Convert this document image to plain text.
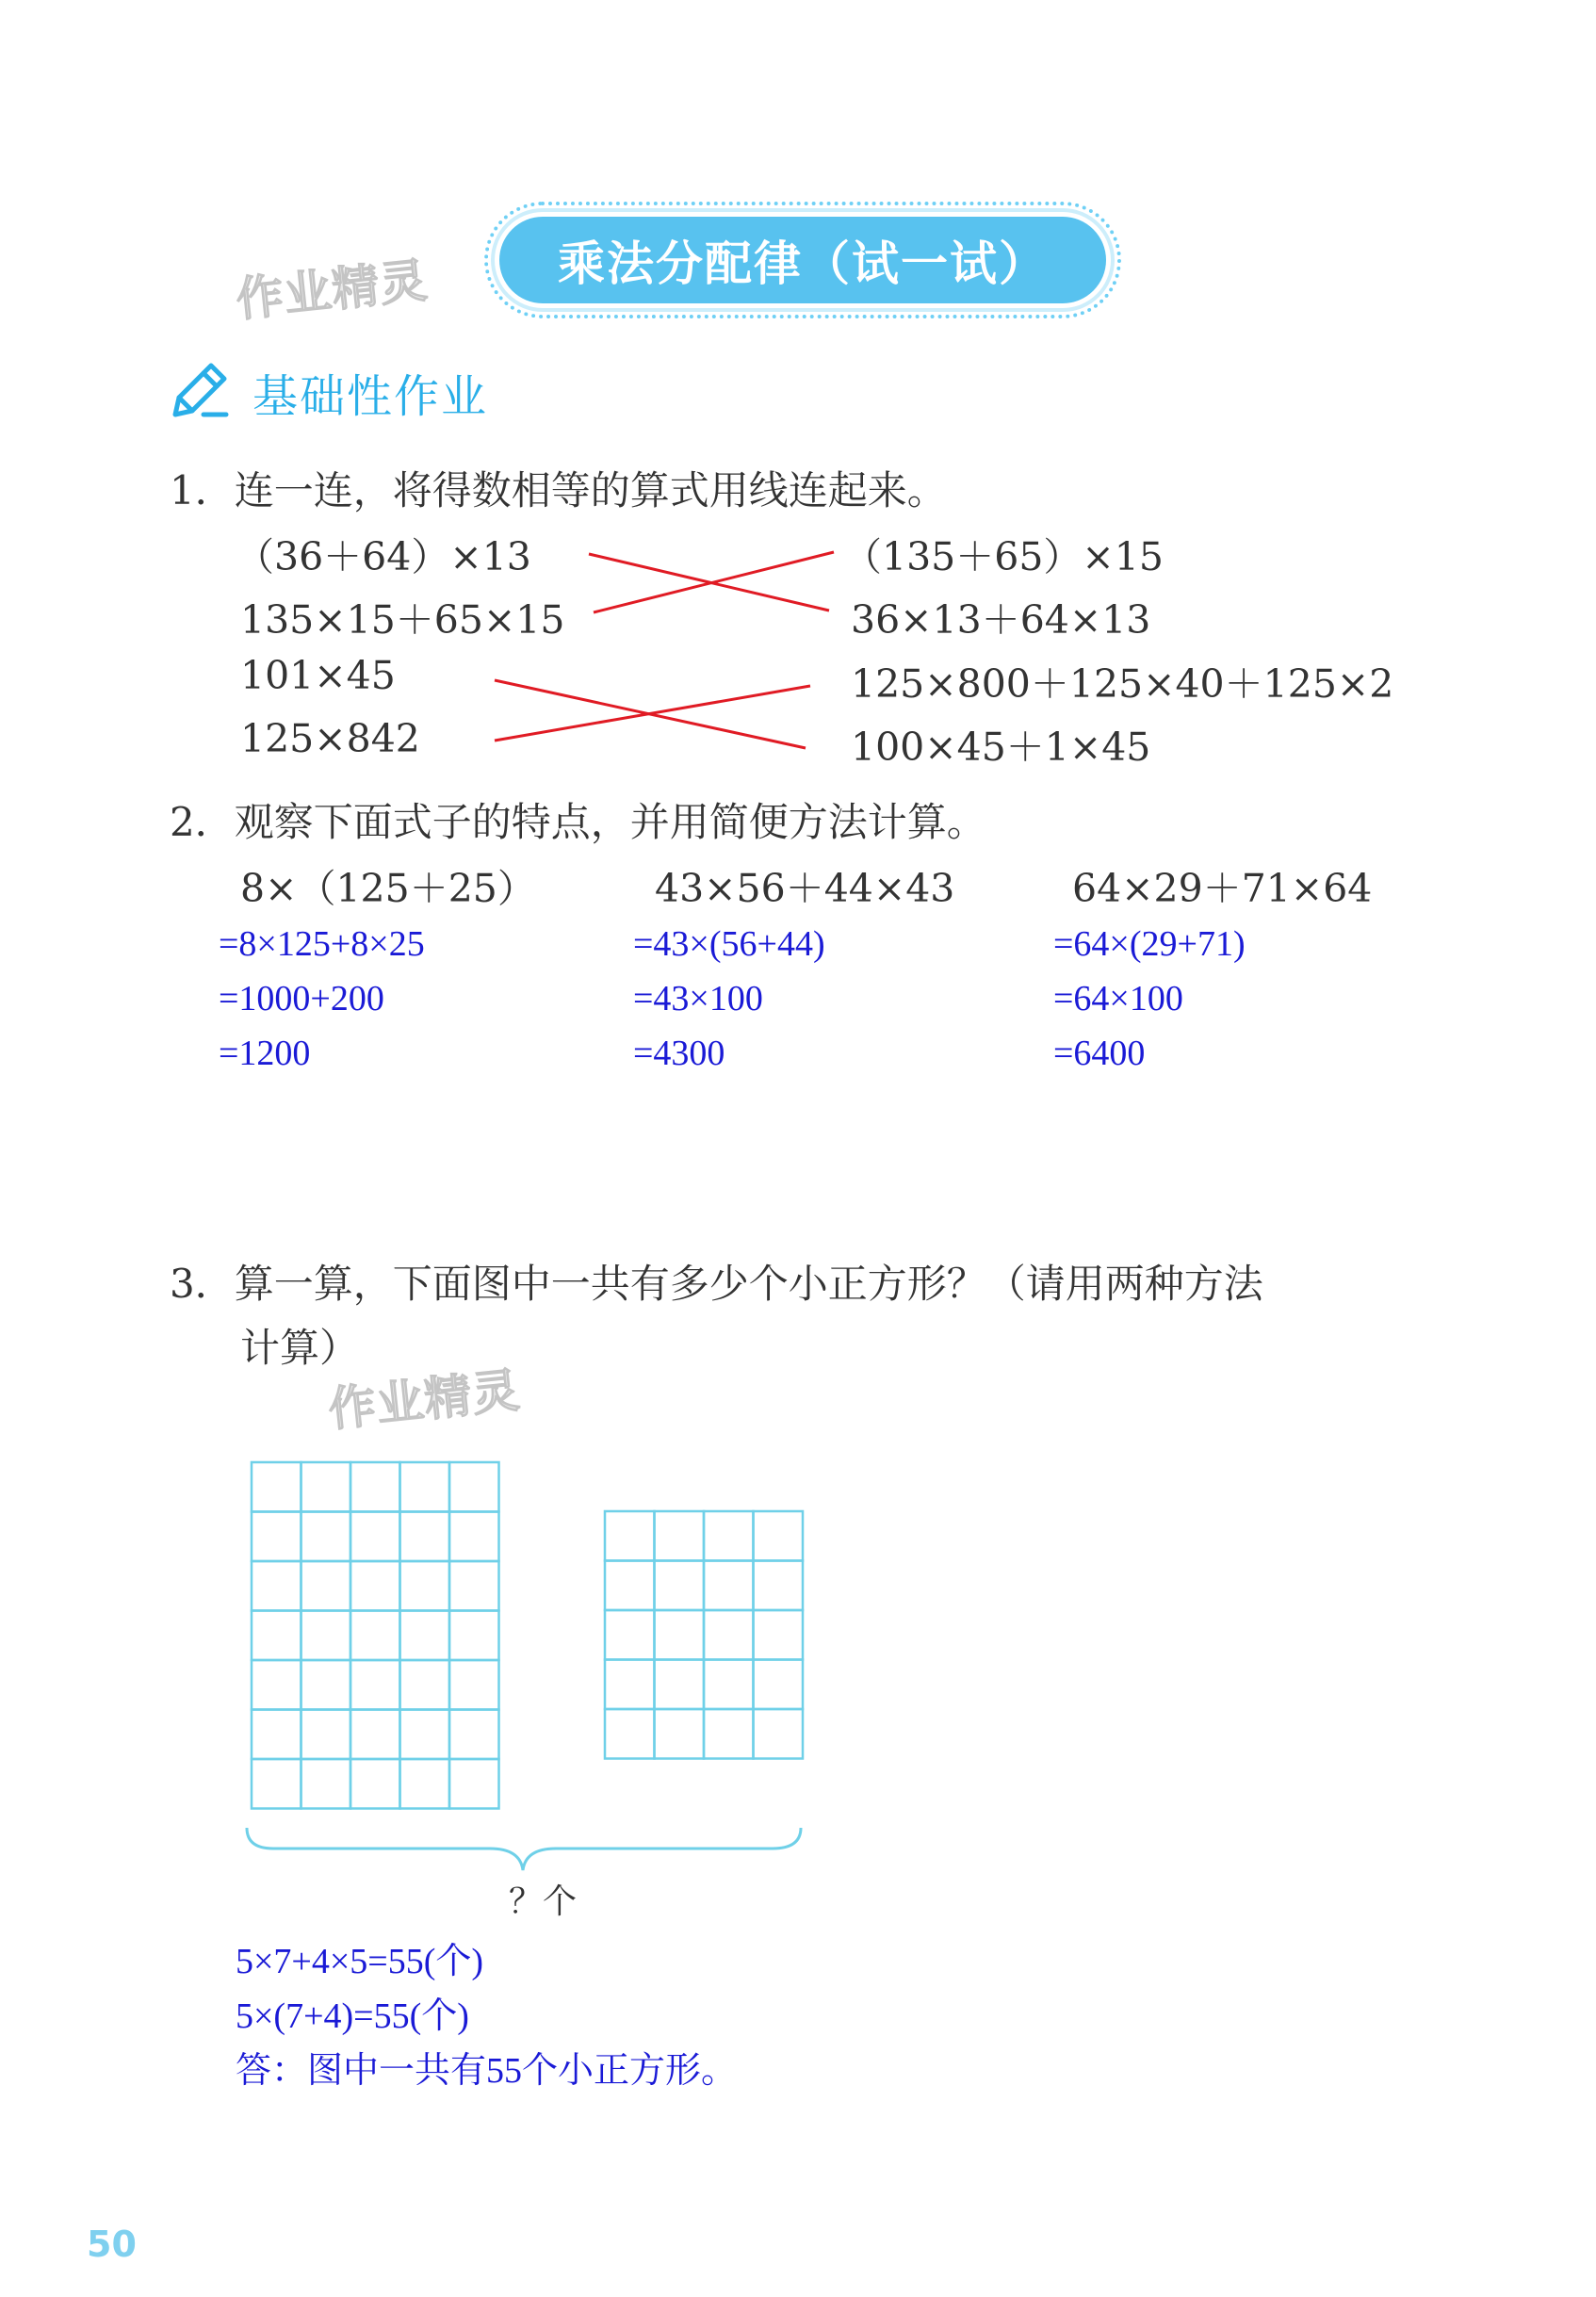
作业精灵
作业精灵
乘法分配律（试一试）
基础性作业
1．连一连，将得数相等的算式用线连起来。
（36＋64）×13
135×15＋65×15
101×45
125×842
（135＋65）×15
36×13＋64×13
125×800＋125×40＋125×2
100×45＋1×45
2．观察下面式子的特点，并用简便方法计算。
8×（125＋25）	43×56＋44×43	64×29＋71×64
=8×125+8×25
=1000+200
=1200
=43×(56+44)
=43×100
=4300
=64×(29+71)
=64×100
=6400
3．算一算，下面图中一共有多少个小正方形？（请用两种方法
计算）
？个
5×7+4×5=55(个)
5×(7+4)=55(个)
答：图中一共有55个小正方形。
50
